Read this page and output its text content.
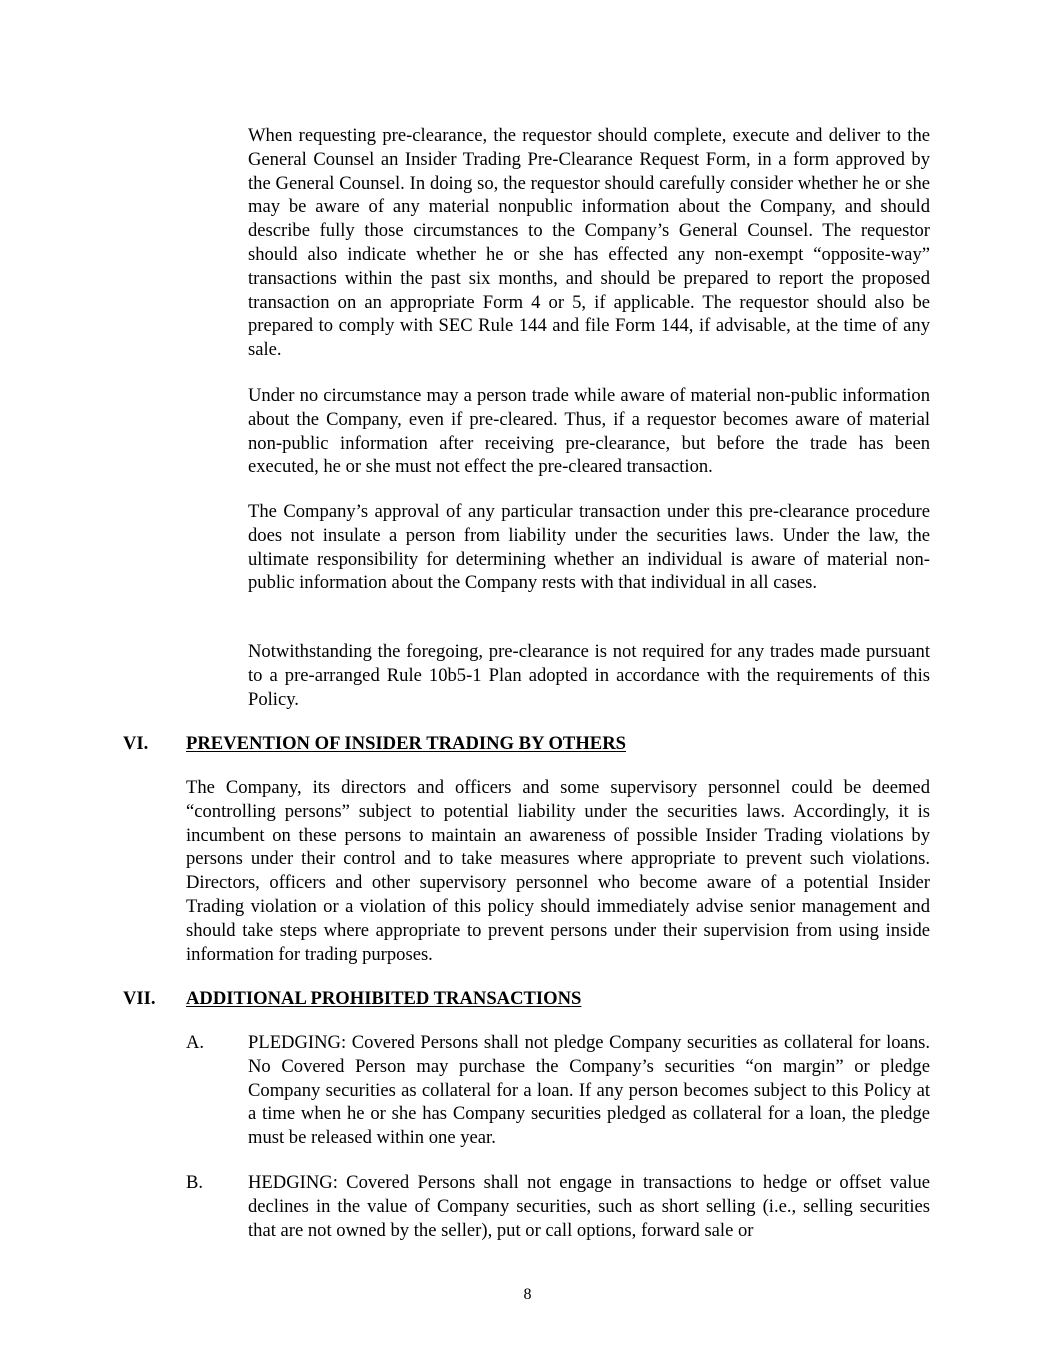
When requesting pre-clearance, the requestor should complete, execute and deliver to the General Counsel an Insider Trading Pre-Clearance Request Form, in a form approved by the General Counsel. In doing so, the requestor should carefully consider whether he or she may be aware of any material nonpublic information about the Company, and should describe fully those circumstances to the Company’s General Counsel. The requestor should also indicate whether he or she has effected any non-exempt “opposite-way” transactions within the past six months, and should be prepared to report the proposed transaction on an appropriate Form 4 or 5, if applicable. The requestor should also be prepared to comply with SEC Rule 144 and file Form 144, if advisable, at the time of any sale.

Under no circumstance may a person trade while aware of material non-public information about the Company, even if pre-cleared. Thus, if a requestor becomes aware of material non-public information after receiving pre-clearance, but before the trade has been executed, he or she must not effect the pre-cleared transaction.

The Company’s approval of any particular transaction under this pre-clearance procedure does not insulate a person from liability under the securities laws. Under the law, the ultimate responsibility for determining whether an individual is aware of material non-public information about the Company rests with that individual in all cases.

Notwithstanding the foregoing, pre-clearance is not required for any trades made pursuant to a pre-arranged Rule 10b5-1 Plan adopted in accordance with the requirements of this Policy.

VI. PREVENTION OF INSIDER TRADING BY OTHERS

The Company, its directors and officers and some supervisory personnel could be deemed “controlling persons” subject to potential liability under the securities laws. Accordingly, it is incumbent on these persons to maintain an awareness of possible Insider Trading violations by persons under their control and to take measures where appropriate to prevent such violations. Directors, officers and other supervisory personnel who become aware of a potential Insider Trading violation or a violation of this policy should immediately advise senior management and should take steps where appropriate to prevent persons under their supervision from using inside information for trading purposes.

VII. ADDITIONAL PROHIBITED TRANSACTIONS
A. PLEDGING: Covered Persons shall not pledge Company securities as collateral for loans. No Covered Person may purchase the Company’s securities “on margin” or pledge Company securities as collateral for a loan. If any person becomes subject to this Policy at a time when he or she has Company securities pledged as collateral for a loan, the pledge must be released within one year.

B. HEDGING: Covered Persons shall not engage in transactions to hedge or offset value declines in the value of Company securities, such as short selling (i.e., selling securities that are not owned by the seller), put or call options, forward sale or

8
